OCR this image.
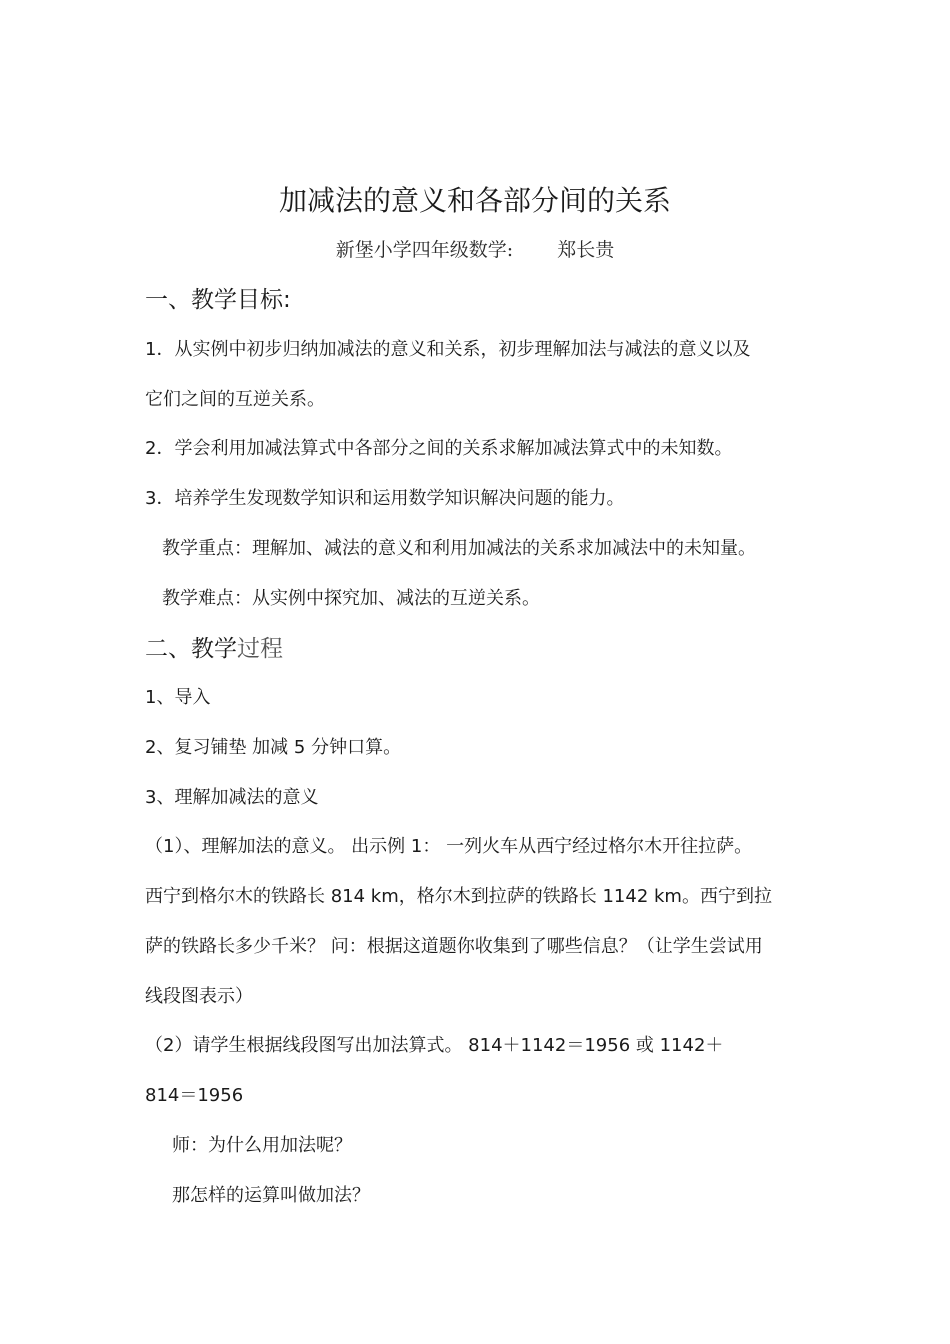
加减法的意义和各部分间的关系
新堡小学四年级数学: 郑长贵
一、教学目标:
1．从实例中初步归纳加减法的意义和关系，初步理解加法与减法的意义以及
它们之间的互逆关系。
2．学会利用加减法算式中各部分之间的关系求解加减法算式中的未知数。
3．培养学生发现数学知识和运用数学知识解决问题的能力。
教学重点：理解加、减法的意义和利用加减法的关系求加减法中的未知量。
教学难点：从实例中探究加、减法的互逆关系。
二、教学过程
1、导入
2、复习铺垫 加减 5 分钟口算。
3、理解加减法的意义
（1）、理解加法的意义。 出示例 1： 一列火车从西宁经过格尔木开往拉萨。
西宁到格尔木的铁路长 814 km，格尔木到拉萨的铁路长 1142 km。西宁到拉
萨的铁路长多少千米？ 问：根据这道题你收集到了哪些信息？（让学生尝试用
线段图表示）
（2）请学生根据线段图写出加法算式。 814＋1142＝1956 或 1142＋
814＝1956
师：为什么用加法呢？
那怎样的运算叫做加法？
